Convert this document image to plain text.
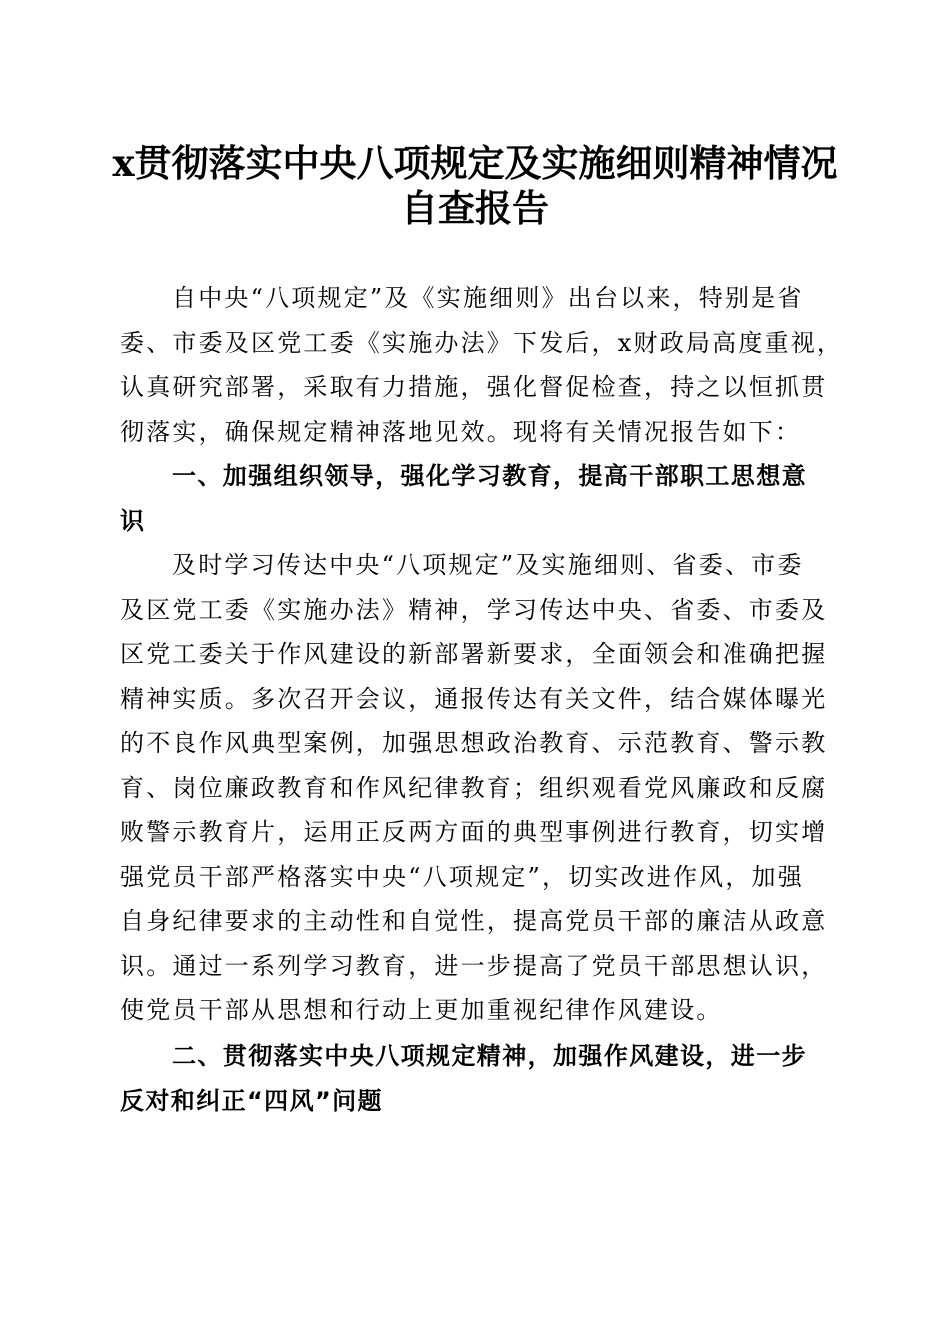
x贯彻落实中央八项规定及实施细则精神情况
自查报告

自中央“八项规定”及《实施细则》出台以来，特别是省
委、市委及区党工委《实施办法》下发后，x财政局高度重视，
认真研究部署，采取有力措施，强化督促检查，持之以恒抓贯
彻落实，确保规定精神落地见效。现将有关情况报告如下：

一、加强组织领导，强化学习教育，提高干部职工思想意
识

及时学习传达中央“八项规定”及实施细则、省委、市委
及区党工委《实施办法》精神，学习传达中央、省委、市委及
区党工委关于作风建设的新部署新要求，全面领会和准确把握
精神实质。多次召开会议，通报传达有关文件，结合媒体曝光
的不良作风典型案例，加强思想政治教育、示范教育、警示教
育、岗位廉政教育和作风纪律教育；组织观看党风廉政和反腐
败警示教育片，运用正反两方面的典型事例进行教育，切实增
强党员干部严格落实中央“八项规定”，切实改进作风，加强
自身纪律要求的主动性和自觉性，提高党员干部的廉洁从政意
识。通过一系列学习教育，进一步提高了党员干部思想认识，
使党员干部从思想和行动上更加重视纪律作风建设。

二、贯彻落实中央八项规定精神，加强作风建设，进一步
反对和纠正“四风”问题
